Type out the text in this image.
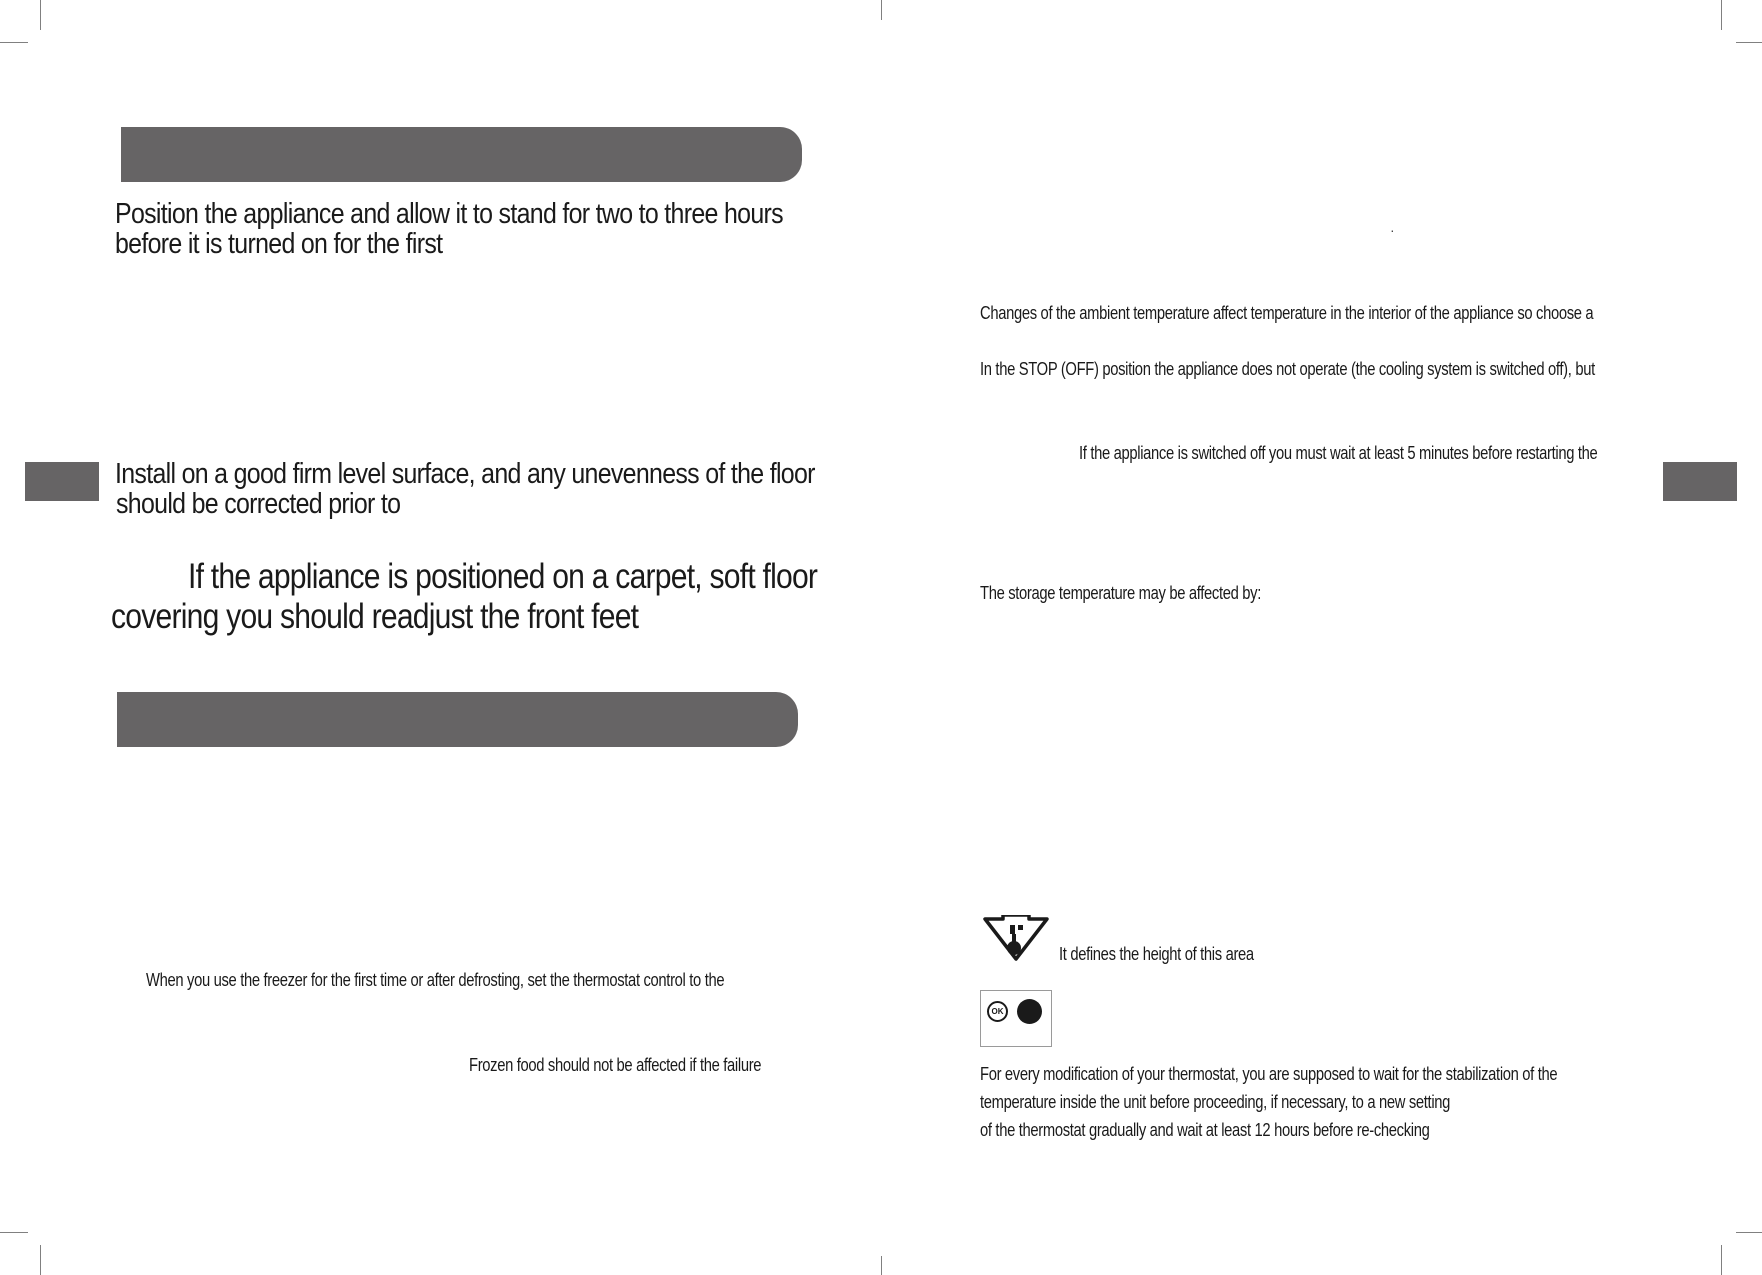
Position the appliance and allow it to stand for two to three hours
before it is turned on for the first
Install on a good firm level surface, and any unevenness of the floor
should be corrected prior to
If the appliance is positioned on a carpet, soft floor
covering you should readjust the front feet
When you use the freezer for the first time or after defrosting, set the thermostat control to the
Frozen food should not be affected if the failure
·
Changes of the ambient temperature affect temperature in the interior of the appliance so choose a
In the STOP (OFF) position the appliance does not operate (the cooling system is switched off), but
If the appliance is switched off you must wait at least 5 minutes before restarting the
The storage temperature may be affected by:
It defines the height of this area
OK
For every modification of your thermostat, you are supposed to wait for the stabilization of the
temperature inside the unit before proceeding, if necessary, to a new setting
of the thermostat gradually and wait at least 12 hours before re-checking
